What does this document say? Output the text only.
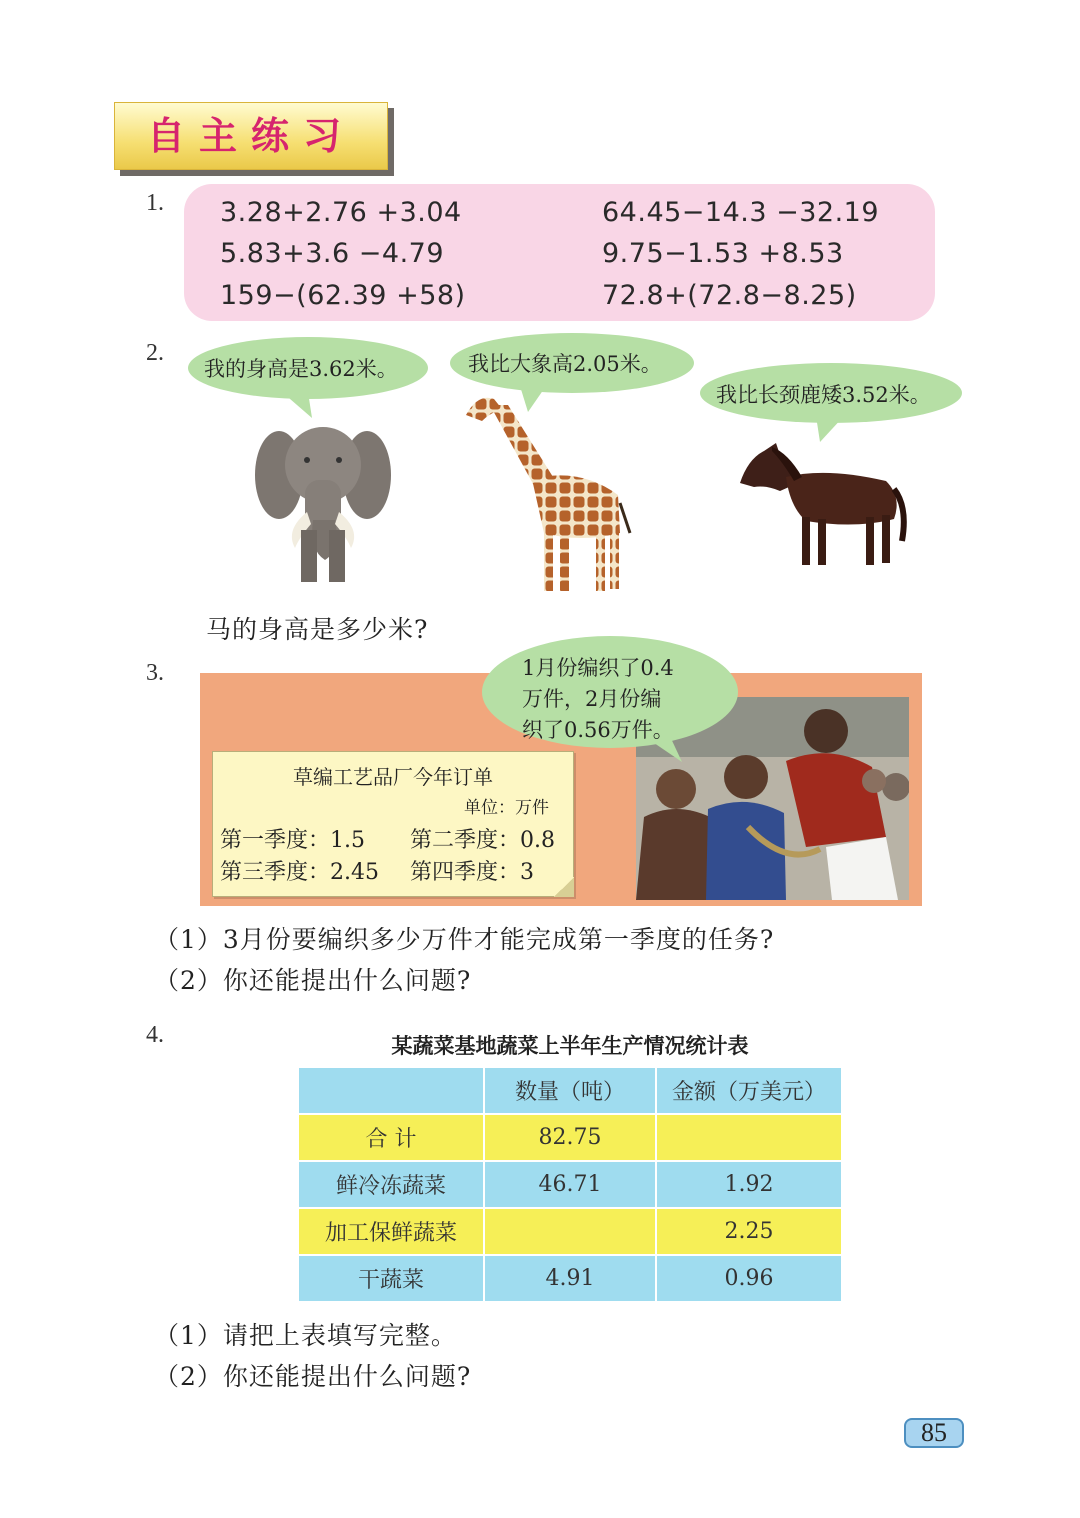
自主练习
1. 3.28+2.76 +3.04	64.45−14.3 −32.19
5.83+3.6 −4.79	9.75−1.53 +8.53
159−(62.39 +58)	72.8+(72.8−8.25)
2.
我的身高是3.62米。	我比大象高2.05米。
我比长颈鹿矮3.52米。
马的身高是多少米?
3.	1月份编织了0.4
万件，2月份编
织了0.56万件。
草编工艺品厂今年订单
单位：万件
第一季度：1.5 第二季度：0.8
第三季度：2.45 第四季度：3
（1）3月份要编织多少万件才能完成第一季度的任务?
（2）你还能提出什么问题?
4.	某蔬菜基地蔬菜上半年生产情况统计表
	数量（吨）	金额（万美元）
合 计	82.75	
鲜冷冻蔬菜	46.71	1.92
加工保鲜蔬菜		2.25
干蔬菜	4.91	0.96
（1）请把上表填写完整。
（2）你还能提出什么问题?
85
